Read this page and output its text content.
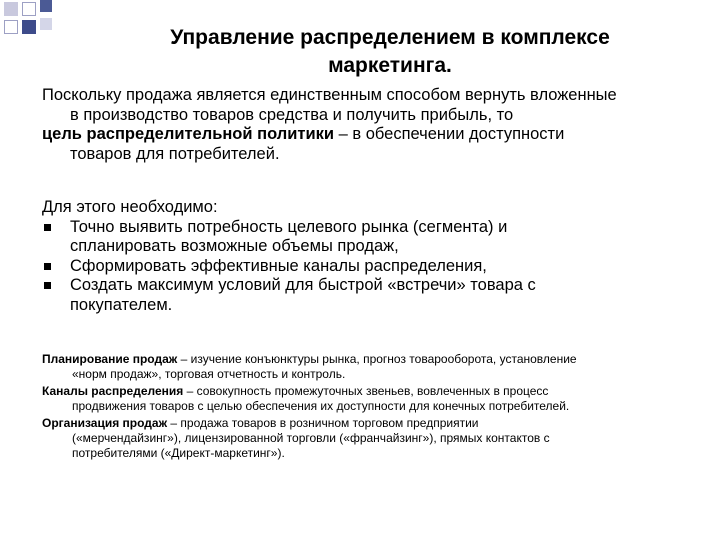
Управление распределением в комплексе
маркетинга.
Поскольку продажа является единственным способом вернуть вложенные
в производство товаров средства и получить прибыль, то
цель распределительной политики – в обеспечении доступности
товаров для потребителей.
Для этого необходимо:
Точно выявить потребность целевого рынка (сегмента) и
спланировать возможные объемы продаж,
Сформировать эффективные каналы распределения,
Создать максимум условий для быстрой «встречи» товара с
покупателем.
Планирование продаж – изучение конъюнктуры рынка, прогноз товарооборота, установление
«норм продаж», торговая отчетность и контроль.
Каналы распределения – совокупность промежуточных звеньев, вовлеченных в процесс
продвижения товаров с целью обеспечения их доступности для конечных потребителей.
Организация продаж – продажа товаров в розничном торговом предприятии
(«мерчендайзинг»), лицензированной торговли («франчайзинг»), прямых контактов с
потребителями («Директ-маркетинг»).
